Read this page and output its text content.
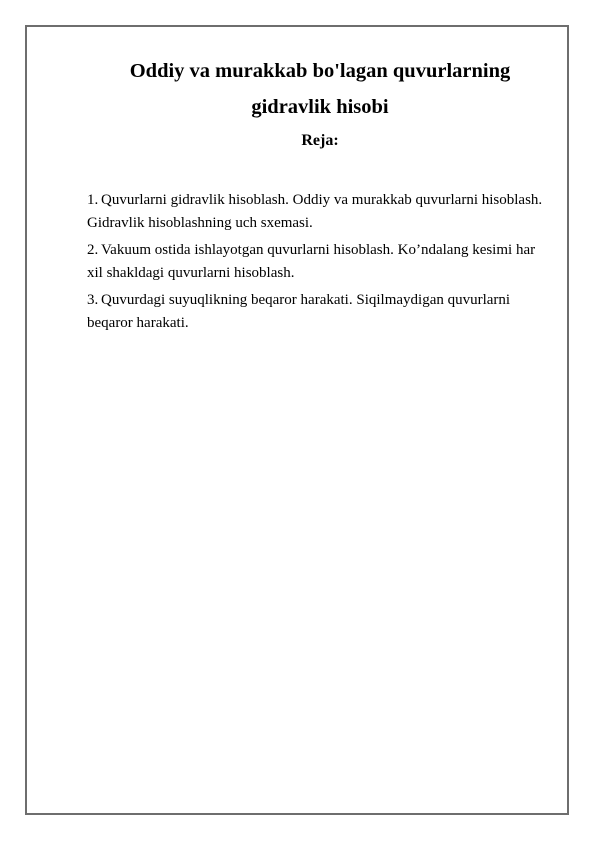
Oddiy va murakkab bo'lagan quvurlarning
gidravlik hisobi

Reja:

1. Quvurlarni gidravlik hisoblash. Oddiy va murakkab quvurlarni hisoblash. Gidravlik hisoblashning uch sxemasi.
2. Vakuum ostida ishlayotgan quvurlarni hisoblash. Ko’ndalang kesimi har xil shakldagi quvurlarni hisoblash.
3. Quvurdagi suyuqlikning beqaror harakati. Siqilmaydigan quvurlarni beqaror harakati.
